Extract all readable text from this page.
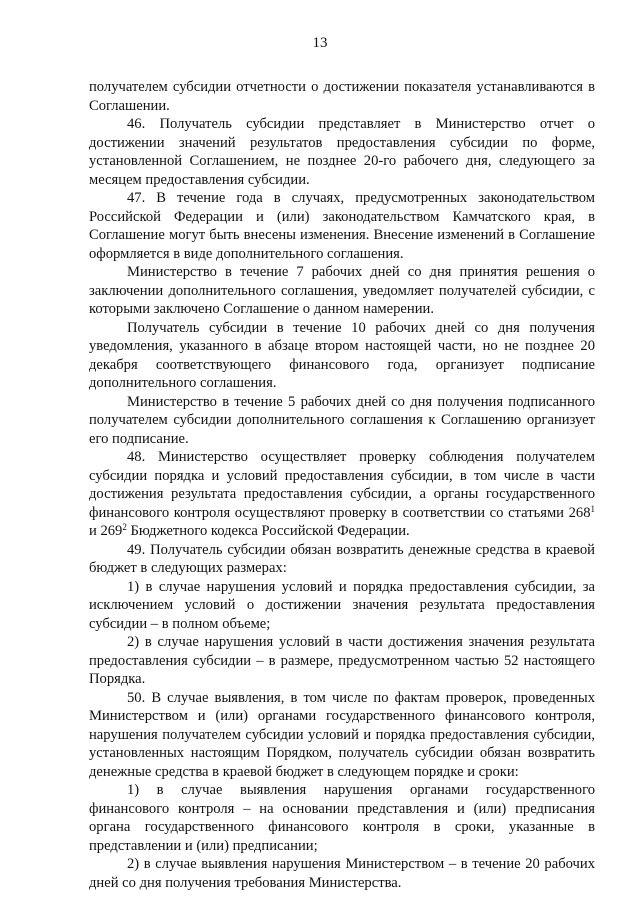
13

получателем субсидии отчетности о достижении показателя устанавливаются в Соглашении.

46. Получатель субсидии представляет в Министерство отчет о достижении значений результатов предоставления субсидии по форме, установленной Соглашением, не позднее 20-го рабочего дня, следующего за месяцем предоставления субсидии.

47. В течение года в случаях, предусмотренных законодательством Российской Федерации и (или) законодательством Камчатского края, в Соглашение могут быть внесены изменения. Внесение изменений в Соглашение оформляется в виде дополнительного соглашения.

Министерство в течение 7 рабочих дней со дня принятия решения о заключении дополнительного соглашения, уведомляет получателей субсидии, с которыми заключено Соглашение о данном намерении.

Получатель субсидии в течение 10 рабочих дней со дня получения уведомления, указанного в абзаце втором настоящей части, но не позднее 20 декабря соответствующего финансового года, организует подписание дополнительного соглашения.

Министерство в течение 5 рабочих дней со дня получения подписанного получателем субсидии дополнительного соглашения к Соглашению организует его подписание.

48. Министерство осуществляет проверку соблюдения получателем субсидии порядка и условий предоставления субсидии, в том числе в части достижения результата предоставления субсидии, а органы государственного финансового контроля осуществляют проверку в соответствии со статьями $268^1$ и $269^2$ Бюджетного кодекса Российской Федерации.

49. Получатель субсидии обязан возвратить денежные средства в краевой бюджет в следующих размерах:

1) в случае нарушения условий и порядка предоставления субсидии, за исключением условий о достижении значения результата предоставления субсидии – в полном объеме;

2) в случае нарушения условий в части достижения значения результата предоставления субсидии – в размере, предусмотренном частью 52 настоящего Порядка.

50. В случае выявления, в том числе по фактам проверок, проведенных Министерством и (или) органами государственного финансового контроля, нарушения получателем субсидии условий и порядка предоставления субсидии, установленных настоящим Порядком, получатель субсидии обязан возвратить денежные средства в краевой бюджет в следующем порядке и сроки:

1) в случае выявления нарушения органами государственного финансового контроля – на основании представления и (или) предписания органа государственного финансового контроля в сроки, указанные в представлении и (или) предписании;

2) в случае выявления нарушения Министерством – в течение 20 рабочих дней со дня получения требования Министерства.
